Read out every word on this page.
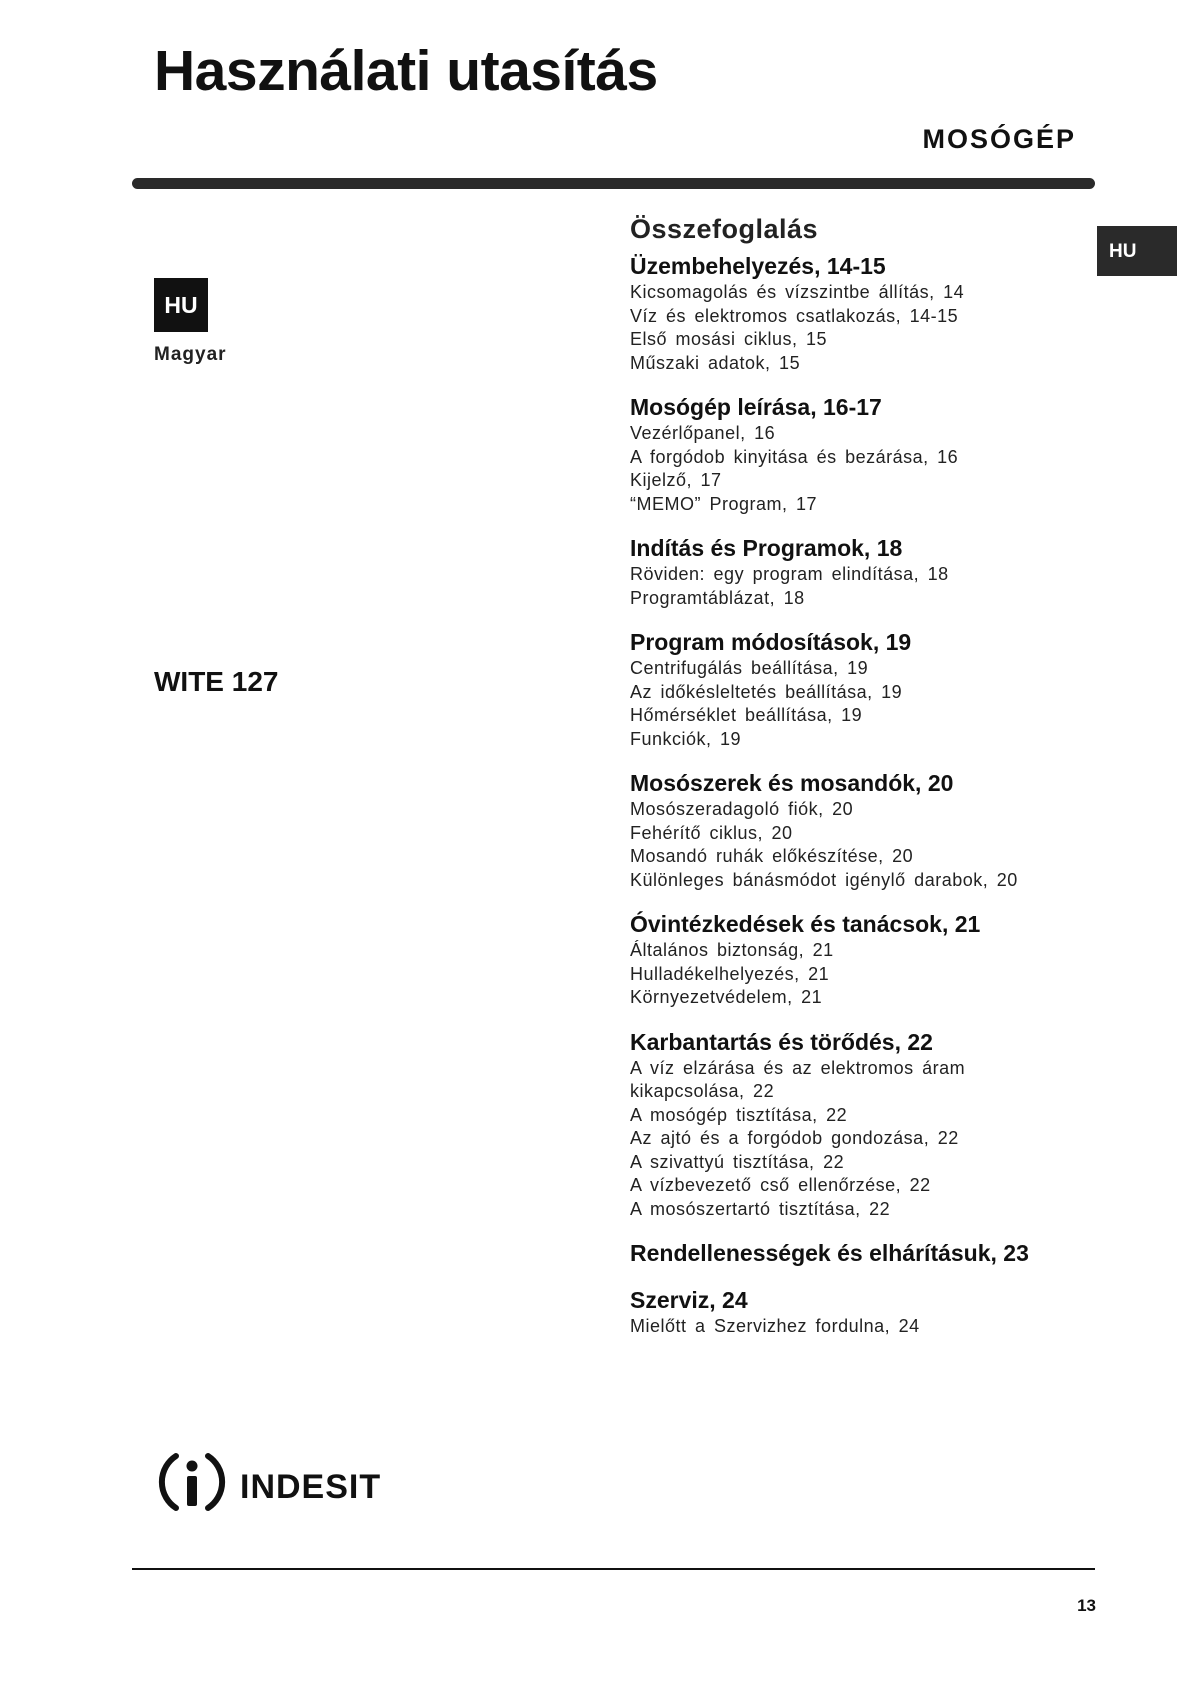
Használati utasítás
MOSÓGÉP
HU
HU
Magyar
WITE 127
Összefoglalás
Üzembehelyezés, 14-15
Kicsomagolás és vízszintbe állítás, 14
Víz és elektromos csatlakozás, 14-15
Első mosási ciklus, 15
Műszaki adatok, 15
Mosógép leírása, 16-17
Vezérlőpanel, 16
A forgódob kinyitása és bezárása, 16
Kijelző, 17
“MEMO” Program, 17
Indítás és Programok, 18
Röviden: egy program elindítása, 18
Programtáblázat, 18
Program módosítások, 19
Centrifugálás beállítása, 19
Az időkésleltetés beállítása, 19
Hőmérséklet beállítása, 19
Funkciók, 19
Mosószerek és mosandók, 20
Mosószeradagoló fiók, 20
Fehérítő ciklus, 20
Mosandó ruhák előkészítése, 20
Különleges bánásmódot igénylő darabok, 20
Óvintézkedések és tanácsok, 21
Általános biztonság, 21
Hulladékelhelyezés, 21
Környezetvédelem, 21
Karbantartás és törődés, 22
A víz elzárása és az elektromos áram
kikapcsolása, 22
A mosógép tisztítása, 22
Az ajtó és a forgódob gondozása, 22
A szivattyú tisztítása, 22
A vízbevezető cső ellenőrzése, 22
A mosószertartó tisztítása, 22
Rendellenességek és elhárításuk, 23
Szerviz, 24
Mielőtt a Szervizhez fordulna, 24
indesit
13
